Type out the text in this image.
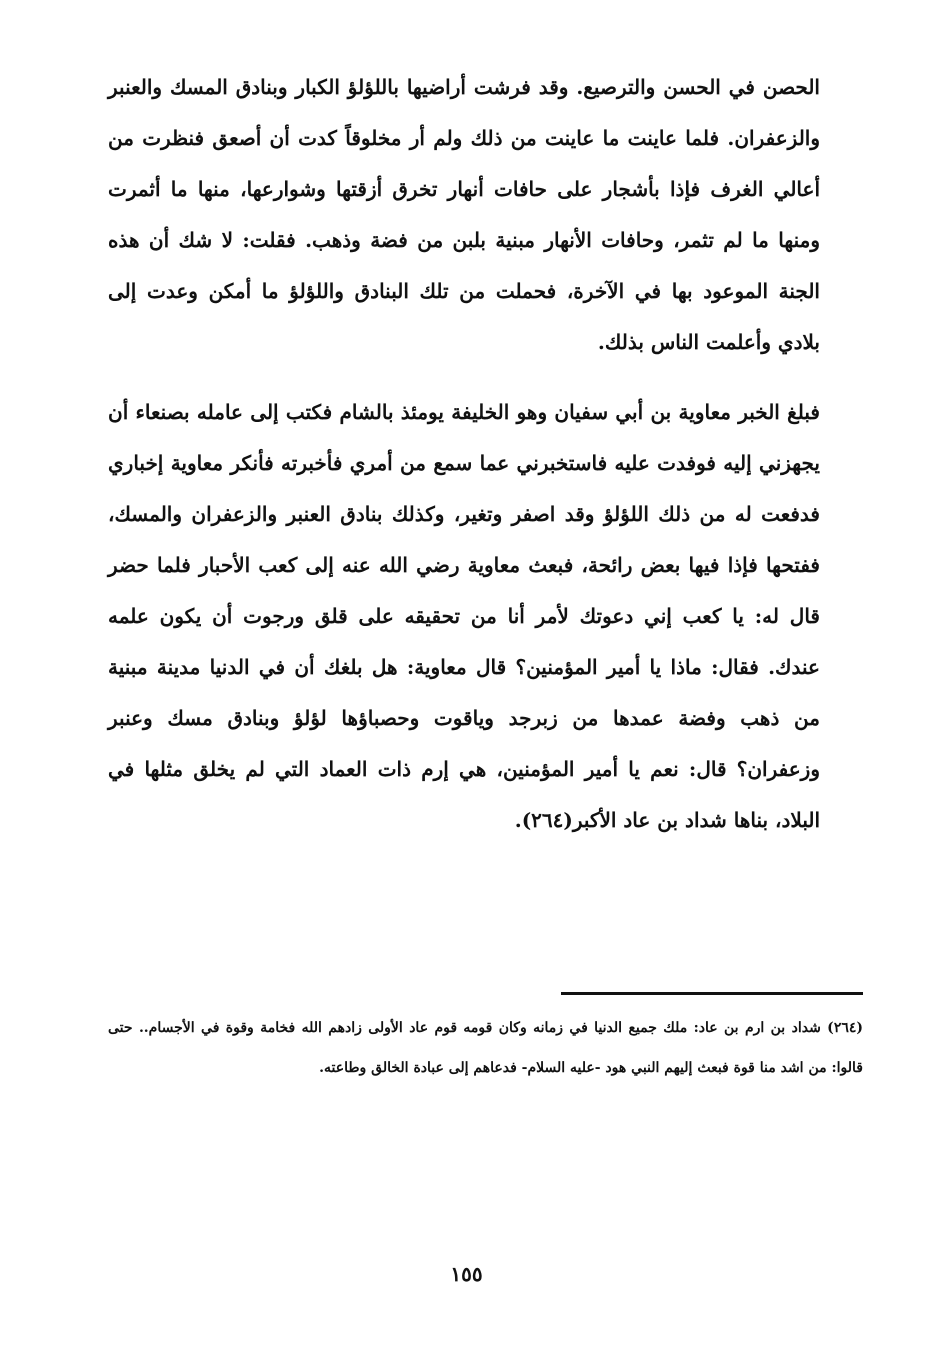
الحصن في الحسن والترصيع. وقد فرشت أراضيها باللؤلؤ الكبار وبنادق المسك والعنبر والزعفران. فلما عاينت ما عاينت من ذلك ولم أر مخلوقاً كدت أن أصعق فنظرت من أعالي الغرف فإذا بأشجار على حافات أنهار تخرق أزقتها وشوارعها، منها ما أثمرت ومنها ما لم تثمر، وحافات الأنهار مبنية بلبن من فضة وذهب. فقلت: لا شك أن هذه الجنة الموعود بها في الآخرة، فحملت من تلك البنادق واللؤلؤ ما أمكن وعدت إلى بلادي وأعلمت الناس بذلك.

فبلغ الخبر معاوية بن أبي سفيان وهو الخليفة يومئذ بالشام فكتب إلى عامله بصنعاء أن يجهزني إليه فوفدت عليه فاستخبرني عما سمع من أمري فأخبرته فأنكر معاوية إخباري فدفعت له من ذلك اللؤلؤ وقد اصفر وتغير، وكذلك بنادق العنبر والزعفران والمسك، ففتحها فإذا فيها بعض رائحة، فبعث معاوية رضي الله عنه إلى كعب الأحبار فلما حضر قال له: يا كعب إني دعوتك لأمر أنا من تحقيقه على قلق ورجوت أن يكون علمه عندك. فقال: ماذا يا أمير المؤمنين؟ قال معاوية: هل بلغك أن في الدنيا مدينة مبنية من ذهب وفضة عمدها من زبرجد وياقوت وحصباؤها لؤلؤ وبنادق مسك وعنبر وزعفران؟ قال: نعم يا أمير المؤمنين، هي إرم ذات العماد التي لم يخلق مثلها في البلاد، بناها شداد بن عاد الأكبر(٢٦٤).

(٢٦٤) شداد بن ارم بن عاد: ملك جميع الدنيا في زمانه وكان قومه قوم عاد الأولى زادهم الله فخامة وقوة في الأجسام.. حتى قالوا: من اشد منا قوة فبعث إليهم النبي هود -عليه السلام- فدعاهم إلى عبادة الخالق وطاعته.

١٥٥
